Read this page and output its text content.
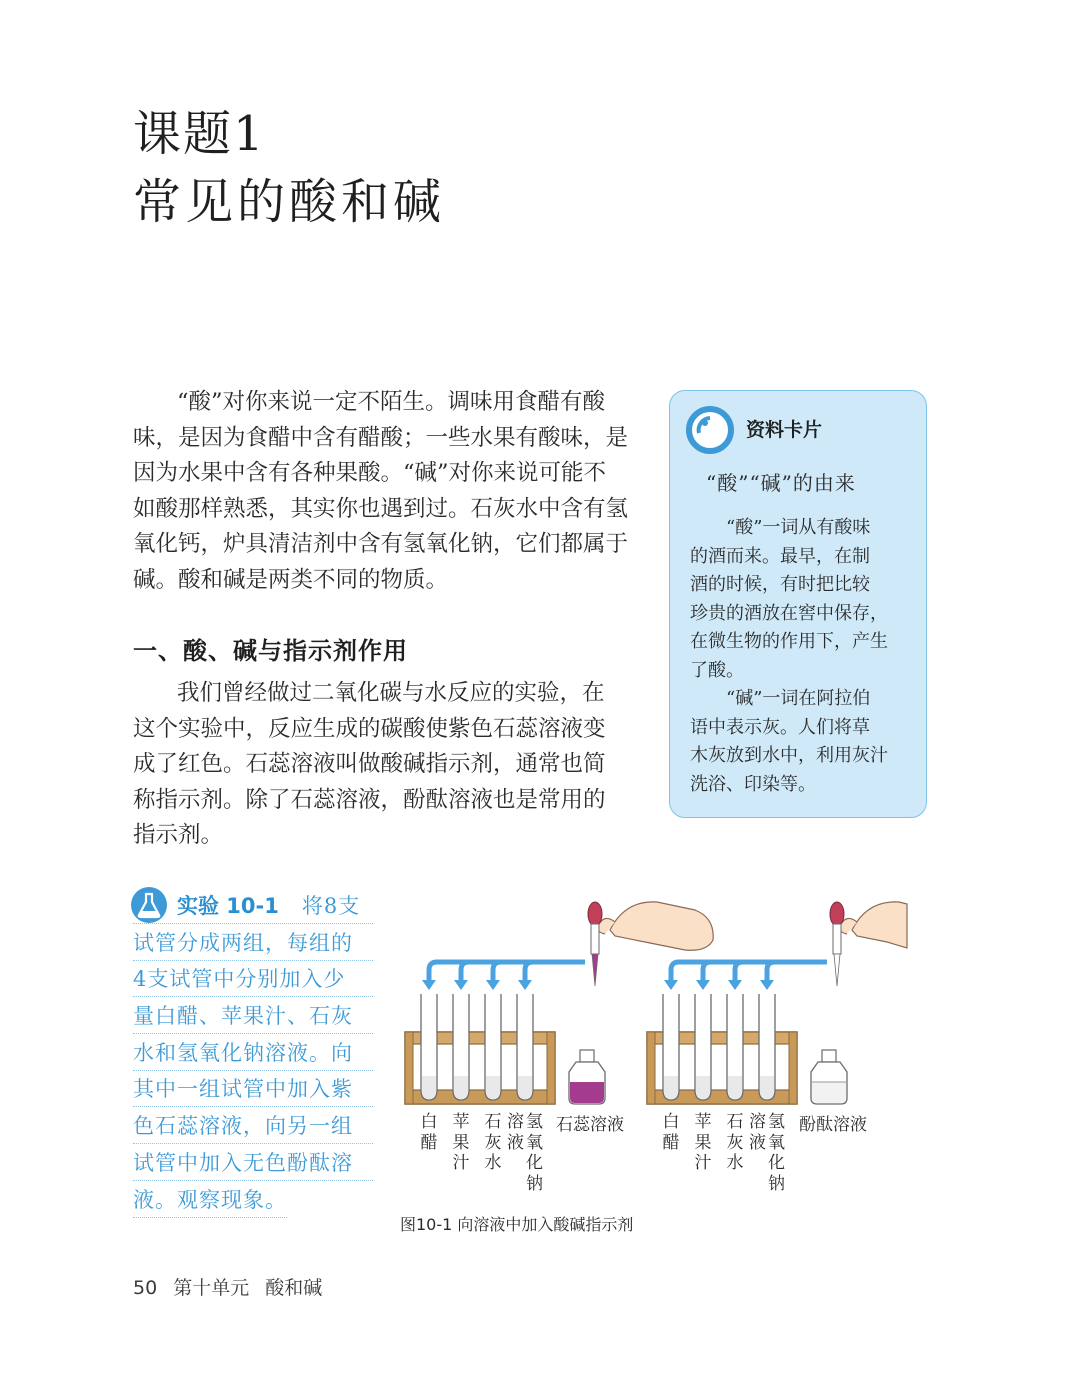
课题1
常见的酸和碱
“酸”对你来说一定不陌生。调味用食醋有酸
味，是因为食醋中含有醋酸；一些水果有酸味，是
因为水果中含有各种果酸。“碱”对你来说可能不
如酸那样熟悉，其实你也遇到过。石灰水中含有氢
氧化钙，炉具清洁剂中含有氢氧化钠，它们都属于
碱。酸和碱是两类不同的物质。
一、酸、碱与指示剂作用
我们曾经做过二氧化碳与水反应的实验，在
这个实验中，反应生成的碳酸使紫色石蕊溶液变
成了红色。石蕊溶液叫做酸碱指示剂，通常也简
称指示剂。除了石蕊溶液，酚酞溶液也是常用的
指示剂。
资料卡片
“酸”“碱”的由来
“酸”一词从有酸味
的酒而来。最早，在制
酒的时候，有时把比较
珍贵的酒放在窖中保存，
在微生物的作用下，产生
了酸。
“碱”一词在阿拉伯
语中表示灰。人们将草
木灰放到水中，利用灰汁
洗浴、印染等。
实验 10-1 将8支
试管分成两组，每组的
4支试管中分别加入少
量白醋、苹果汁、石灰
水和氢氧化钠溶液。向
其中一组试管中加入紫
色石蕊溶液，向另一组
试管中加入无色酚酞溶
液。观察现象。
白
醋
苹
果
汁
石
灰
水
溶
液
氢
氧
化
钠
石蕊溶液 白
醋
苹
果
汁
石
灰
水
溶
液
氢
氧
化
钠
酚酞溶液
图10-1 向溶液中加入酸碱指示剂
50 第十单元 酸和碱
